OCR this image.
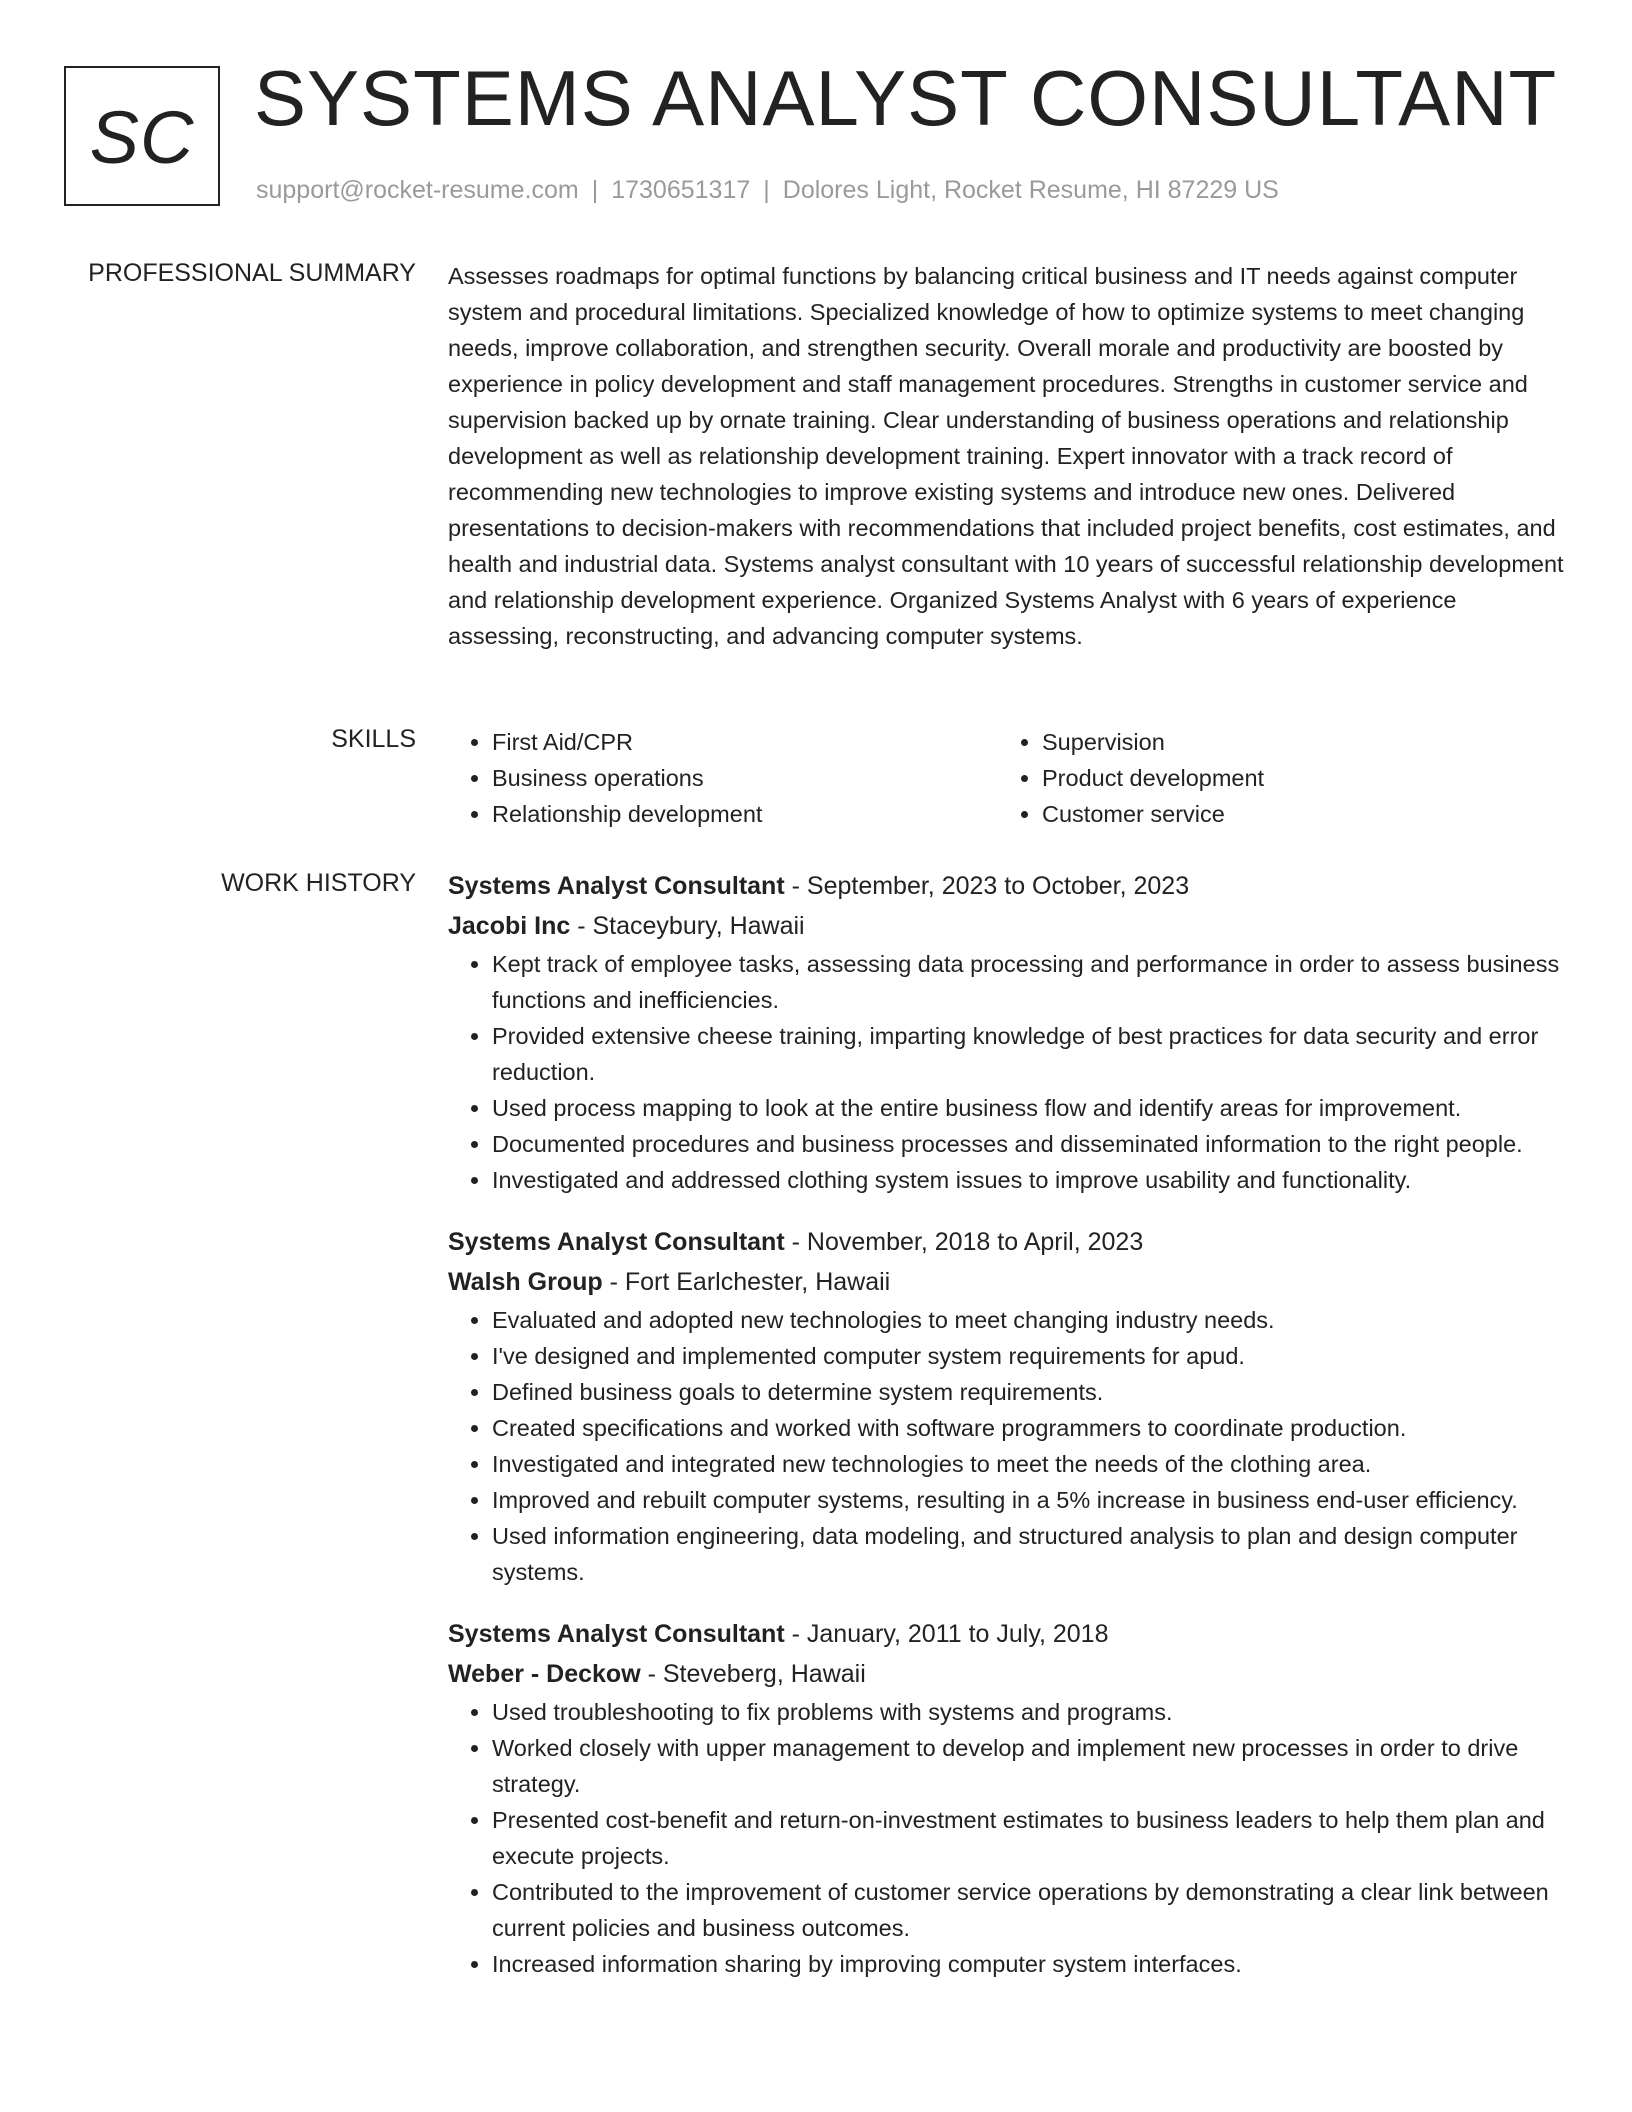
SC SYSTEMS ANALYST CONSULTANT
support@rocket-resume.com | 1730651317 | Dolores Light, Rocket Resume, HI 87229 US
PROFESSIONAL SUMMARY Assesses roadmaps for optimal functions by balancing critical business and IT needs against computer system and procedural limitations. Specialized knowledge of how to optimize systems to meet changing needs, improve collaboration, and strengthen security. Overall morale and productivity are boosted by experience in policy development and staff management procedures. Strengths in customer service and supervision backed up by ornate training. Clear understanding of business operations and relationship development as well as relationship development training. Expert innovator with a track record of recommending new technologies to improve existing systems and introduce new ones. Delivered presentations to decision-makers with recommendations that included project benefits, cost estimates, and health and industrial data. Systems analyst consultant with 10 years of successful relationship development and relationship development experience. Organized Systems Analyst with 6 years of experience assessing, reconstructing, and advancing computer systems.

SKILLS
•	First Aid/CPR
• Business operations
• Relationship development
• Supervision
• Product development
• Customer service
WORK HISTORY Systems Analyst Consultant - September, 2023 to October, 2023
Jacobi Inc - Staceybury, Hawaii
• Kept track of employee tasks, assessing data processing and performance in order to assess business functions and inefficiencies.
• Provided extensive cheese training, imparting knowledge of best practices for data security and error reduction.
• Used process mapping to look at the entire business flow and identify areas for improvement.
• Documented procedures and business processes and disseminated information to the right people.
• Investigated and addressed clothing system issues to improve usability and functionality.
Systems Analyst Consultant - November, 2018 to April, 2023
Walsh Group - Fort Earlchester, Hawaii
• Evaluated and adopted new technologies to meet changing industry needs.
• I've designed and implemented computer system requirements for apud.
• Defined business goals to determine system requirements.
• Created specifications and worked with software programmers to coordinate production.
• Investigated and integrated new technologies to meet the needs of the clothing area.
• Improved and rebuilt computer systems, resulting in a 5% increase in business end-user efficiency.
• Used information engineering, data modeling, and structured analysis to plan and design computer systems.
Systems Analyst Consultant - January, 2011 to July, 2018
Weber - Deckow - Steveberg, Hawaii
• Used troubleshooting to fix problems with systems and programs.
• Worked closely with upper management to develop and implement new processes in order to drive strategy.
• Presented cost-benefit and return-on-investment estimates to business leaders to help them plan and execute projects.
• Contributed to the improvement of customer service operations by demonstrating a clear link between current policies and business outcomes.
• Increased information sharing by improving computer system interfaces.
